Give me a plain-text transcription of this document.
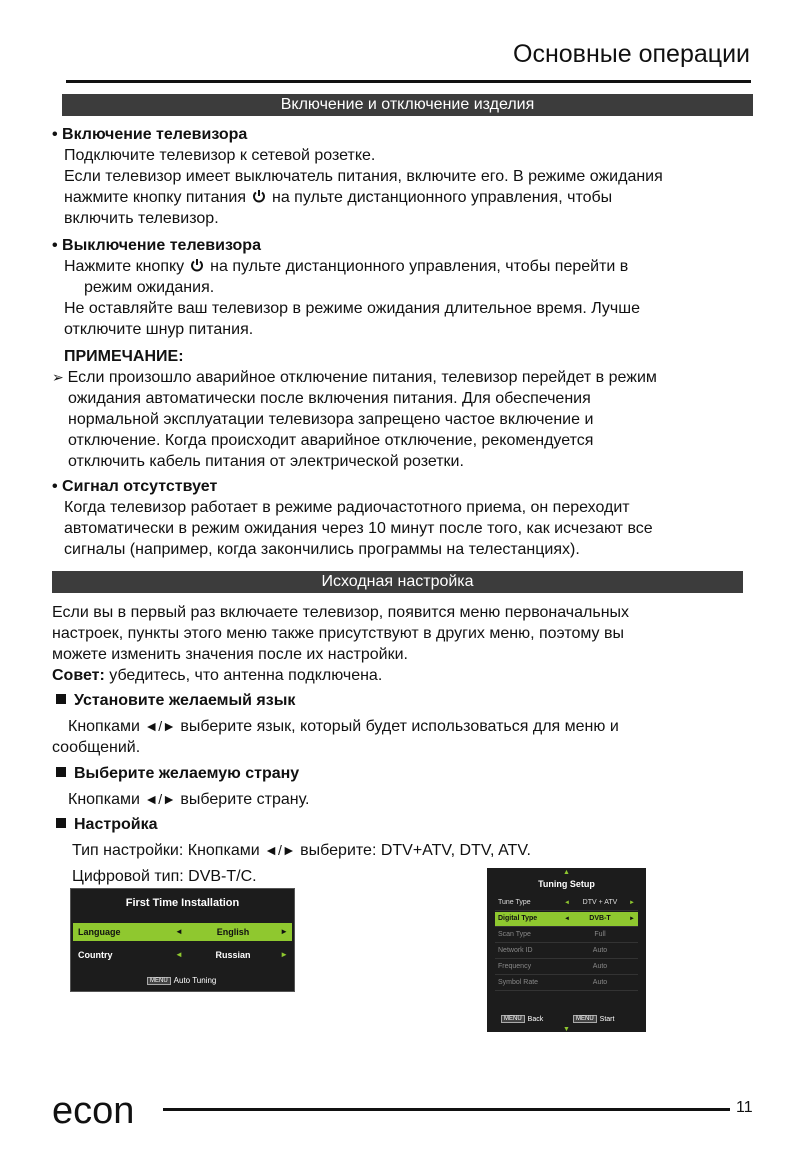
Основные операции
Включение и отключение изделия
• Включение телевизора
Подключите телевизор к сетевой розетке.
Если телевизор имеет выключатель питания, включите его. В режиме ожидания
нажмите кнопку питания на пульте дистанционного управления, чтобы
включить телевизор.
• Выключение телевизора
Нажмите кнопку на пульте дистанционного управления, чтобы перейти в
режим ожидания.
Не оставляйте ваш телевизор в режиме ожидания длительное время. Лучше
отключите шнур питания.
ПРИМЕЧАНИЕ:
➢ Если произошло аварийное отключение питания, телевизор перейдет в режим
ожидания автоматически после включения питания. Для обеспечения
нормальной эксплуатации телевизора запрещено частое включение и
отключение. Когда происходит аварийное отключение, рекомендуется
отключить кабель питания от электрической розетки.
• Сигнал отсутствует
Когда телевизор работает в режиме радиочастотного приема, он переходит
автоматически в режим ожидания через 10 минут после того, как исчезают все
сигналы (например, когда закончились программы на телестанциях).
Исходная настройка
Если вы в первый раз включаете телевизор, появится меню первоначальных
настроек, пункты этого меню также присутствуют в других меню, поэтому вы
можете изменить значения после их настройки.
Совет: убедитесь, что антенна подключена.
Установите желаемый язык
Кнопками ◄/► выберите язык, который будет использоваться для меню и
сообщений.
Выберите желаемую страну
Кнопками ◄/► выберите страну.
Настройка
Тип настройки: Кнопками ◄/► выберите: DTV+ATV, DTV, ATV.
Цифровой тип: DVB-T/C.
First Time Installation
Language	◄	English	►
Country	◄	Russian	►
MENU Auto Tuning
▲
Tuning Setup
Tune Type	◄	DTV + ATV	►
Digital Type	◄	DVB-T	►
Scan Type	Full
Network ID	Auto
Frequency	Auto
Symbol Rate	Auto
MENU Back	MENU Start
▼
econ	11
